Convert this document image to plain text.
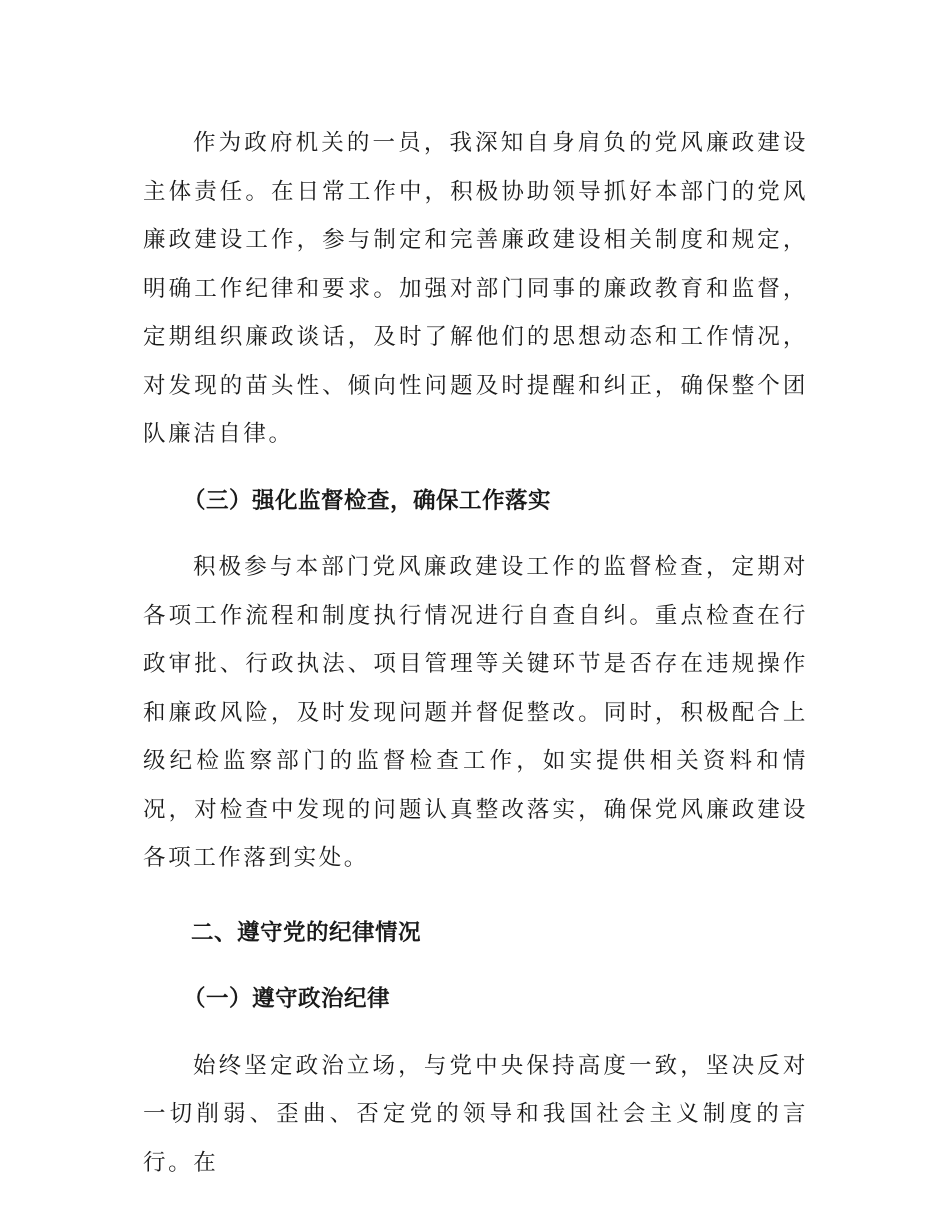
作为政府机关的一员，我深知自身肩负的党风廉政建设主体责任。在日常工作中，积极协助领导抓好本部门的党风廉政建设工作，参与制定和完善廉政建设相关制度和规定，明确工作纪律和要求。加强对部门同事的廉政教育和监督，定期组织廉政谈话，及时了解他们的思想动态和工作情况，对发现的苗头性、倾向性问题及时提醒和纠正，确保整个团队廉洁自律。

（三）强化监督检查，确保工作落实

积极参与本部门党风廉政建设工作的监督检查，定期对各项工作流程和制度执行情况进行自查自纠。重点检查在行政审批、行政执法、项目管理等关键环节是否存在违规操作和廉政风险，及时发现问题并督促整改。同时，积极配合上级纪检监察部门的监督检查工作，如实提供相关资料和情况，对检查中发现的问题认真整改落实，确保党风廉政建设各项工作落到实处。

二、遵守党的纪律情况

（一）遵守政治纪律

始终坚定政治立场，与党中央保持高度一致，坚决反对一切削弱、歪曲、否定党的领导和我国社会主义制度的言行。在
